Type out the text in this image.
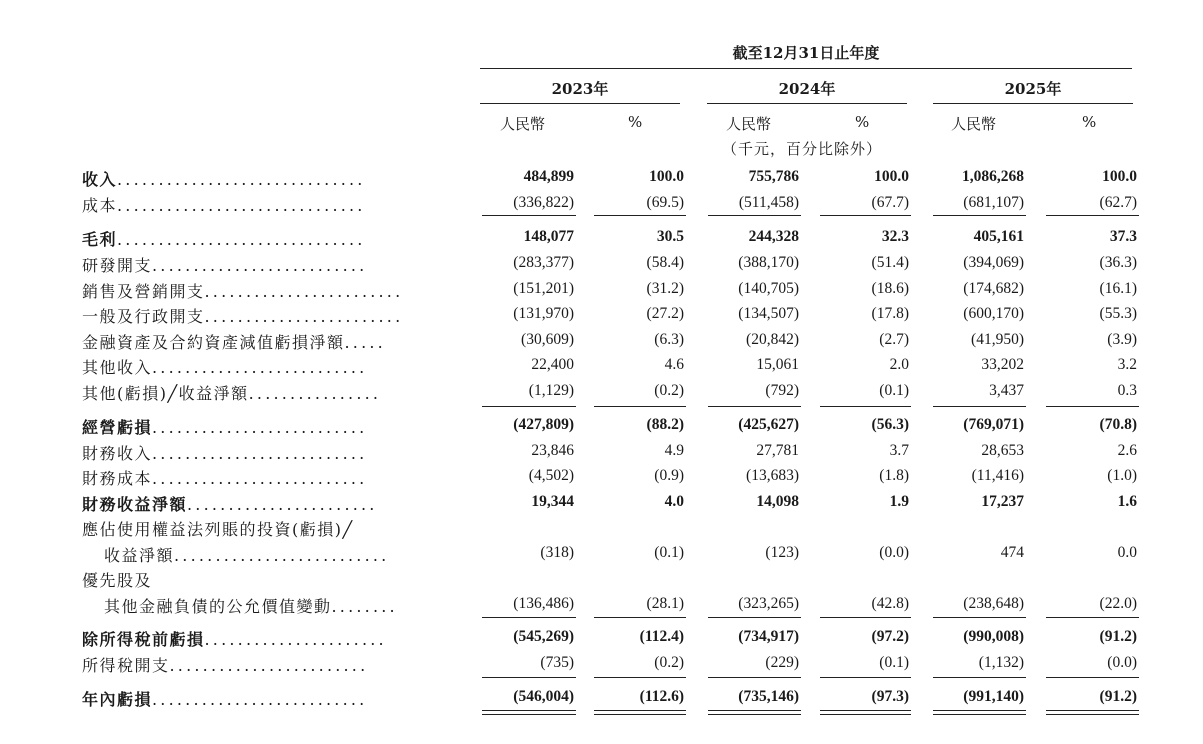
截至12月31日止年度
2023年	2024年	2025年
人民幣	%	人民幣	%	人民幣	%
（千元，百分比除外）
收入..............................	484,899	100.0	755,786	100.0	1,086,268	100.0
成本..............................	(336,822)	(69.5)	(511,458)	(67.7)	(681,107)	(62.7)
毛利..............................	148,077	30.5	244,328	32.3	405,161	37.3
研發開支..........................	(283,377)	(58.4)	(388,170)	(51.4)	(394,069)	(36.3)
銷售及營銷開支........................	(151,201)	(31.2)	(140,705)	(18.6)	(174,682)	(16.1)
一般及行政開支........................	(131,970)	(27.2)	(134,507)	(17.8)	(600,170)	(55.3)
金融資產及合約資產減值虧損淨額.....	(30,609)	(6.3)	(20,842)	(2.7)	(41,950)	(3.9)
其他收入..........................	22,400	4.6	15,061	2.0	33,202	3.2
其他(虧損)╱收益淨額................	(1,129)	(0.2)	(792)	(0.1)	3,437	0.3
經營虧損..........................	(427,809)	(88.2)	(425,627)	(56.3)	(769,071)	(70.8)
財務收入..........................	23,846	4.9	27,781	3.7	28,653	2.6
財務成本..........................	(4,502)	(0.9)	(13,683)	(1.8)	(11,416)	(1.0)
財務收益淨額.......................	19,344	4.0	14,098	1.9	17,237	1.6
應佔使用權益法列賬的投資(虧損)╱
收益淨額..........................	(318)	(0.1)	(123)	(0.0)	474	0.0
優先股及
其他金融負債的公允價值變動........	(136,486)	(28.1)	(323,265)	(42.8)	(238,648)	(22.0)
除所得稅前虧損......................	(545,269)	(112.4)	(734,917)	(97.2)	(990,008)	(91.2)
所得稅開支........................	(735)	(0.2)	(229)	(0.1)	(1,132)	(0.0)
年內虧損..........................	(546,004)	(112.6)	(735,146)	(97.3)	(991,140)	(91.2)
